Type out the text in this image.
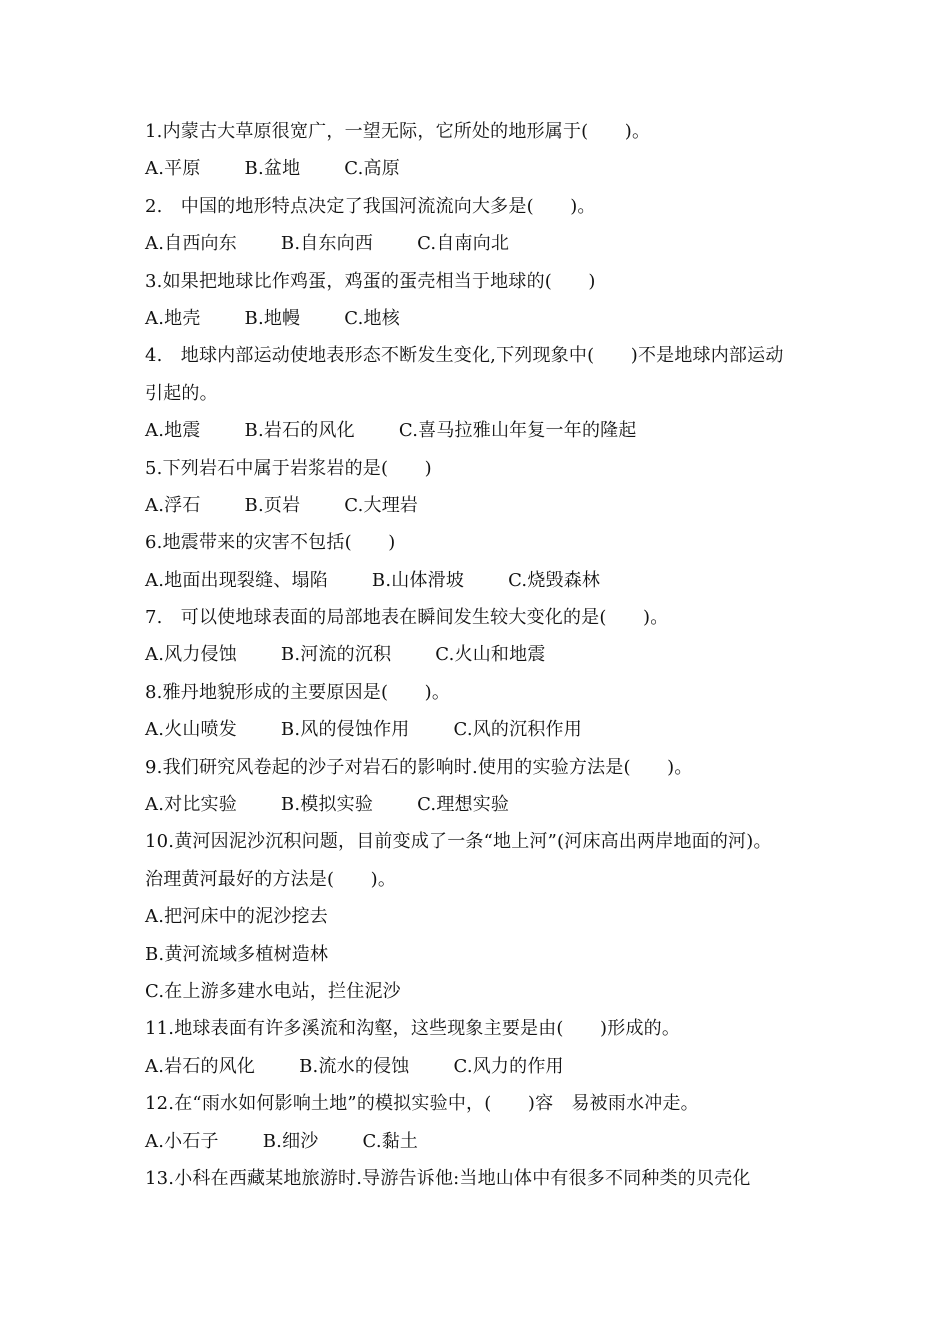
1.内蒙古大草原很宽广，一望无际，它所处的地形属于(　　)。
A.平原 B.盆地 C.高原
2.　中国的地形特点决定了我国河流流向大多是(　　)。
A.自西向东 B.自东向西 C.自南向北
3.如果把地球比作鸡蛋，鸡蛋的蛋壳相当于地球的(　　)
A.地壳 B.地幔 C.地核
4.　地球内部运动使地表形态不断发生变化,下列现象中(　　)不是地球内部运动
引起的。
A.地震 B.岩石的风化 C.喜马拉雅山年复一年的隆起
5.下列岩石中属于岩浆岩的是(　　)
A.浮石 B.页岩 C.大理岩
6.地震带来的灾害不包括(　　)
A.地面出现裂缝、塌陷 B.山体滑坡 C.烧毁森林
7.　可以使地球表面的局部地表在瞬间发生较大变化的是(　　)。
A.风力侵蚀 B.河流的沉积 C.火山和地震
8.雅丹地貌形成的主要原因是(　　)。
A.火山喷发 B.风的侵蚀作用 C.风的沉积作用
9.我们研究风卷起的沙子对岩石的影响时.使用的实验方法是(　　)。
A.对比实验 B.模拟实验 C.理想实验
10.黄河因泥沙沉积问题，目前变成了一条“地上河”(河床高出两岸地面的河)。
治理黄河最好的方法是(　　)。
A.把河床中的泥沙挖去
B.黄河流域多植树造林
C.在上游多建水电站，拦住泥沙
11.地球表面有许多溪流和沟壑，这些现象主要是由(　　)形成的。
A.岩石的风化 B.流水的侵蚀 C.风力的作用
12.在“雨水如何影响土地”的模拟实验中，(　　)容　易被雨水冲走。
A.小石子 B.细沙 C.黏土
13.小科在西藏某地旅游时.导游告诉他:当地山体中有很多不同种类的贝壳化
